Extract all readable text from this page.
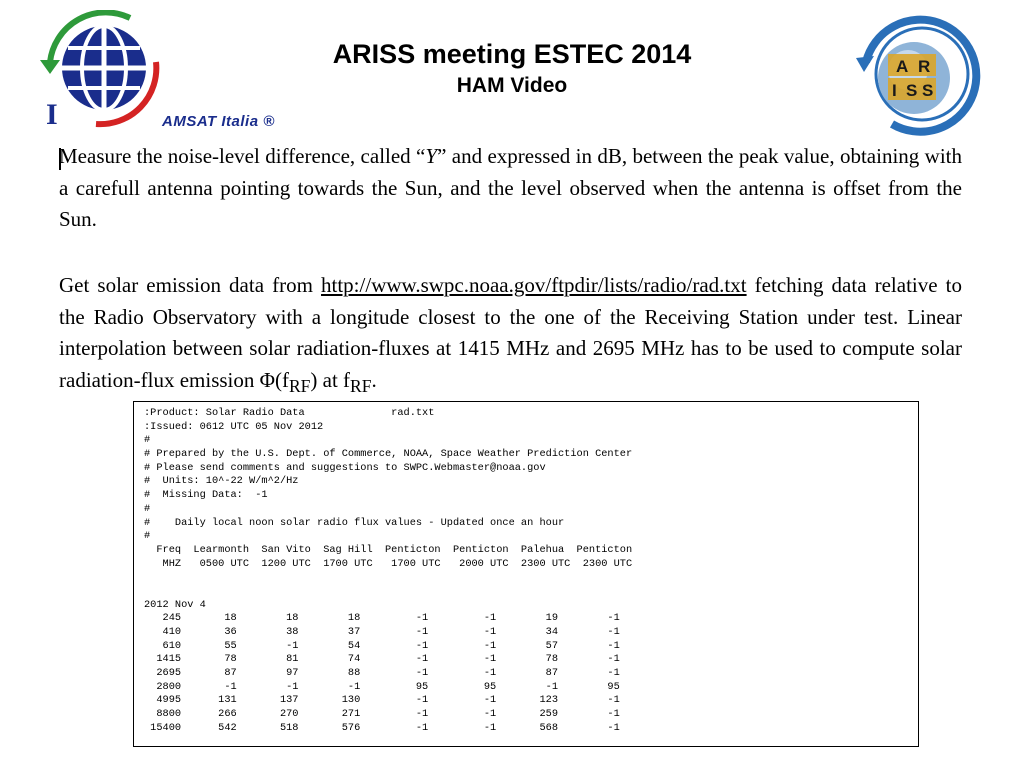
I	AMSAT Italia ®
ARISS meeting ESTEC 2014
HAM Video
A R
I S S

Measure the noise-level difference, called “Y” and expressed in dB, between the peak value, obtaining with a carefull antenna pointing towards the Sun, and the level observed when the antenna is offset from the Sun.

Get solar emission data from http://www.swpc.noaa.gov/ftpdir/lists/radio/rad.txt fetching data relative to the Radio Observatory with a longitude closest to the one of the Receiving Station under test. Linear interpolation between solar radiation-fluxes at 1415 MHz and 2695 MHz has to be used to compute solar radiation-flux emission $\Phi(f_{RF})$ at $f_{RF}$.

:Product: Solar Radio Data              rad.txt
:Issued: 0612 UTC 05 Nov 2012
#
# Prepared by the U.S. Dept. of Commerce, NOAA, Space Weather Prediction Center
# Please send comments and suggestions to SWPC.Webmaster@noaa.gov
#  Units: 10^-22 W/m^2/Hz
#  Missing Data:  -1
#
#    Daily local noon solar radio flux values - Updated once an hour
#
Freq  Learmonth  San Vito  Sag Hill  Penticton  Penticton  Palehua  Penticton
MHZ   0500 UTC  1200 UTC  1700 UTC   1700 UTC   2000 UTC  2300 UTC  2300 UTC

2012 Nov 4
245       18        18        18         -1         -1        19        -1
410       36        38        37         -1         -1        34        -1
610       55        -1        54         -1         -1        57        -1
1415       78        81        74         -1         -1        78        -1
2695       87        97        88         -1         -1        87        -1
2800       -1        -1        -1         95         95        -1        95
4995      131       137       130         -1         -1       123        -1
8800      266       270       271         -1         -1       259        -1
15400      542       518       576         -1         -1       568        -1
